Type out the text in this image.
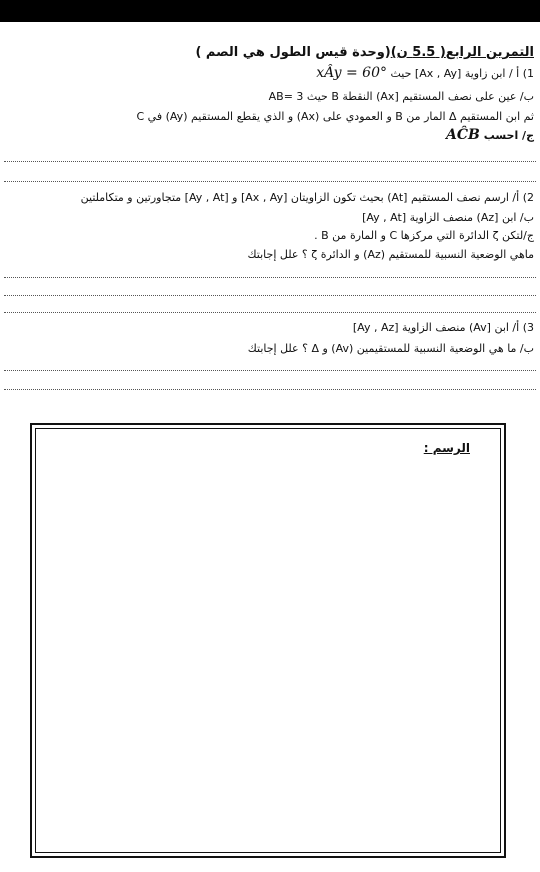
التمرين الرابع( 5.5 ن)(وحدة قيس الطول هي الصم )
1) أ / ابن زاوية [Ax , Ay] حيث xÂy = 60°
ب/ عين على نصف المستقيم [Ax) النقطة B حيث AB= 3
ثم ابن المستقيم Δ المار من B و العمودي على (Ax) و الذي يقطع المستقيم (Ay) في C
ج/ احسب AĈB
2) أ/ ارسم نصف المستقيم [At) بحيث تكون الزاويتان [Ax , Ay] و [Ay , At] متجاورتين و متكاملتين
ب/ ابن [Az) منصف الزاوية [Ay , At]
ج/لتكن ζ الدائرة التي مركزها C و المارة من B .
ماهي الوضعية النسبية للمستقيم (Az) و الدائرة ζ ؟ علل إجابتك
3) أ/ ابن [Av) منصف الزاوية [Ay , Az]
ب/ ما هي الوضعية النسبية للمستقيمين (Av) و Δ ؟ علل إجابتك
الرسم :
